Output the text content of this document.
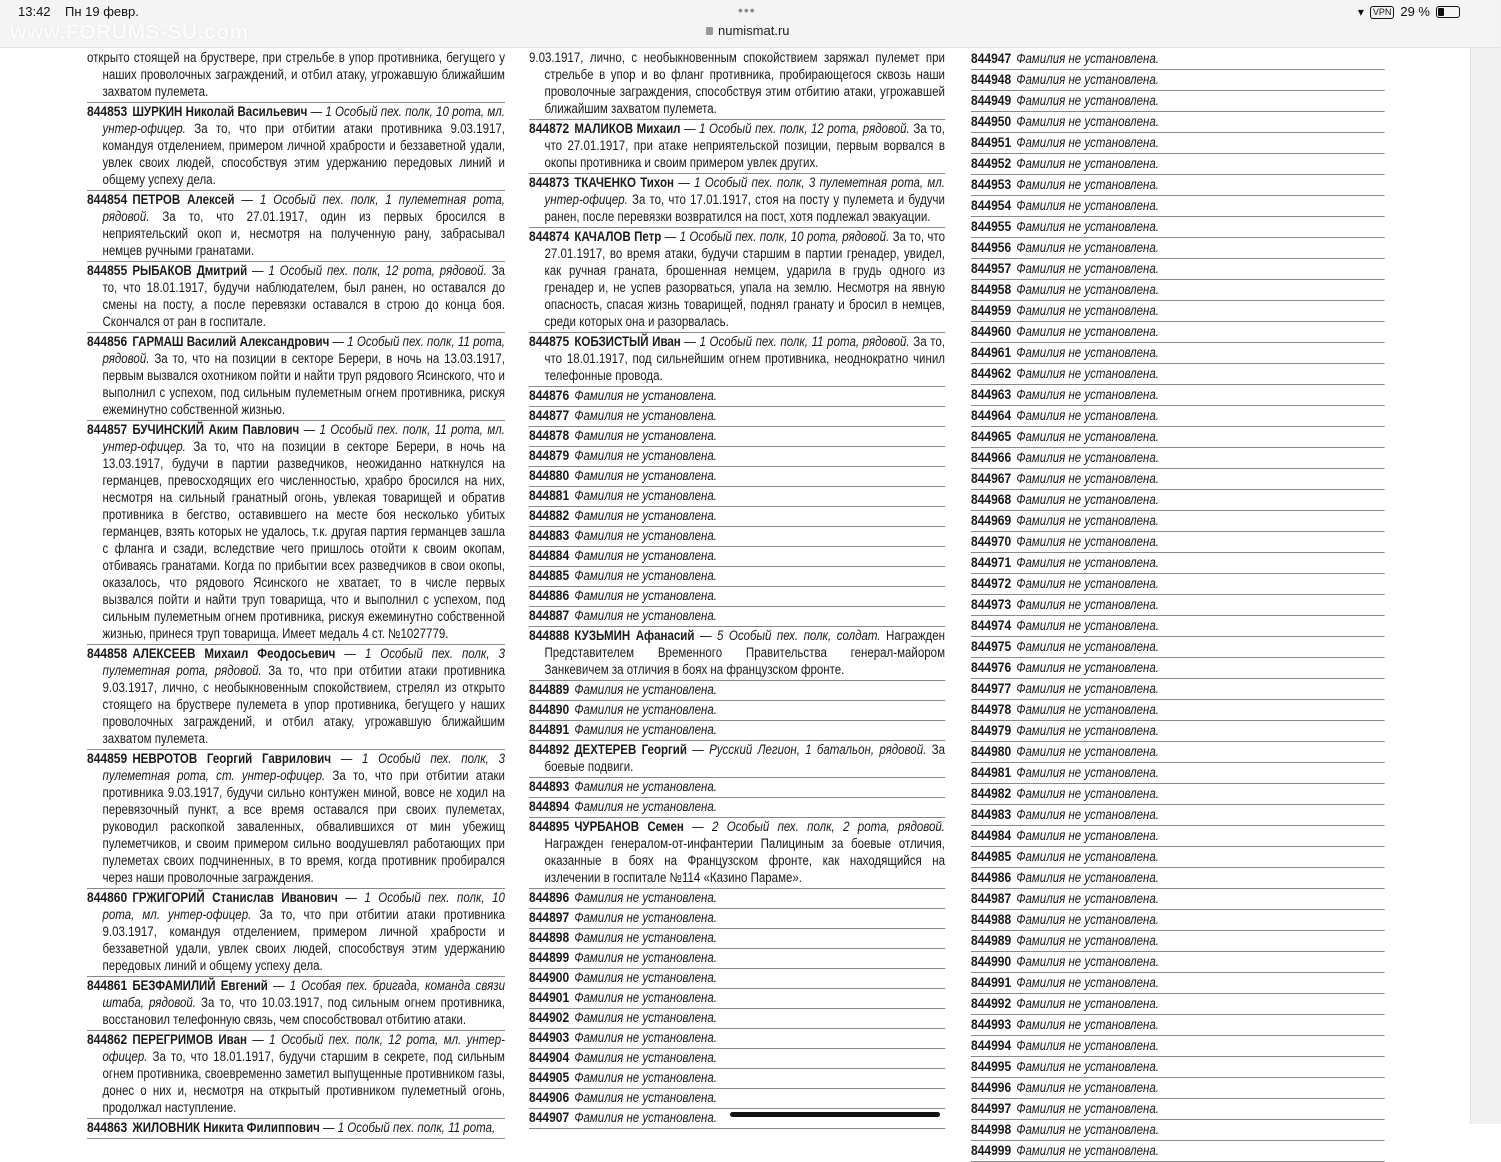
13:42 Пн 19 февр.
www.FORUMS-SU.com
•••
numismat.ru
▾	VPN 29 %
открыто стоящей на бруствере, при стрельбе в упор противника, бегущего у наших проволочных заграждений, и отбил атаку, угрожавшую ближайшим захватом пулемета.
844853 ШУРКИН Николай Васильевич — 1 Особый пех. полк, 10 рота, мл. унтер-офицер. За то, что при отбитии атаки противника 9.03.1917, командуя отделением, примером личной храбрости и беззаветной удали, увлек своих людей, способствуя этим удержанию передовых линий и общему успеху дела.
844854 ПЕТРОВ Алексей — 1 Особый пех. полк, 1 пулеметная рота, рядовой. За то, что 27.01.1917, один из первых бросился в неприятельский окоп и, несмотря на полученную рану, забрасывал немцев ручными гранатами.
844855 РЫБАКОВ Дмитрий — 1 Особый пех. полк, 12 рота, рядовой. За то, что 18.01.1917, будучи наблюдателем, был ранен, но оставался до смены на посту, а после перевязки оставался в строю до конца боя. Скончался от ран в госпитале.
844856 ГАРМАШ Василий Александрович — 1 Особый пех. полк, 11 рота, рядовой. За то, что на позиции в секторе Берери, в ночь на 13.03.1917, первым вызвался охотником пойти и найти труп рядового Ясинского, что и выполнил с успехом, под сильным пулеметным огнем противника, рискуя ежеминутно собственной жизнью.
844857 БУЧИНСКИЙ Аким Павлович — 1 Особый пех. полк, 11 рота, мл. унтер-офицер. За то, что на позиции в секторе Берери, в ночь на 13.03.1917, будучи в партии разведчиков, неожиданно наткнулся на германцев, превосходящих его численностью, храбро бросился на них, несмотря на сильный гранатный огонь, увлекая товарищей и обратив противника в бегство, оставившего на месте боя несколько убитых германцев, взять которых не удалось, т.к. другая партия германцев зашла с фланга и сзади, вследствие чего пришлось отойти к своим окопам, отбиваясь гранатами. Когда по прибытии всех разведчиков в свои окопы, оказалось, что рядового Ясинского не хватает, то в числе первых вызвался пойти и найти труп товарища, что и выполнил с успехом, под сильным пулеметным огнем противника, рискуя ежеминутно собственной жизнью, принеся труп товарища. Имеет медаль 4 ст. №1027779.
844858 АЛЕКСЕЕВ Михаил Феодосьевич — 1 Особый пех. полк, 3 пулеметная рота, рядовой. За то, что при отбитии атаки противника 9.03.1917, лично, с необыкновенным спокойствием, стрелял из открыто стоящего на бруствере пулемета в упор противника, бегущего у наших проволочных заграждений, и отбил атаку, угрожавшую ближайшим захватом пулемета.
844859 НЕВРОТОВ Георгий Гаврилович — 1 Особый пех. полк, 3 пулеметная рота, ст. унтер-офицер. За то, что при отбитии атаки противника 9.03.1917, будучи сильно контужен миной, вовсе не ходил на перевязочный пункт, а все время оставался при своих пулеметах, руководил раскопкой заваленных, обвалившихся от мин убежищ пулеметчиков, и своим примером сильно воодушевлял работающих при пулеметах своих подчиненных, в то время, когда противник пробирался через наши проволочные заграждения.
844860 ГРЖИГОРИЙ Станислав Иванович — 1 Особый пех. полк, 10 рота, мл. унтер-офицер. За то, что при отбитии атаки противника 9.03.1917, командуя отделением, примером личной храбрости и беззаветной удали, увлек своих людей, способствуя этим удержанию передовых линий и общему успеху дела.
844861 БЕЗФАМИЛИЙ Евгений — 1 Особая пех. бригада, команда связи штаба, рядовой. За то, что 10.03.1917, под сильным огнем противника, восстановил телефонную связь, чем способствовал отбитию атаки.
844862 ПЕРЕГРИМОВ Иван — 1 Особый пех. полк, 12 рота, мл. унтер-офицер. За то, что 18.01.1917, будучи старшим в секрете, под сильным огнем противника, своевременно заметил выпущенные противником газы, донес о них и, несмотря на открытый противником пулеметный огонь, продолжал наступление.
844863 ЖИЛОВНИК Никита Филиппович — 1 Особый пех. полк, 11 рота,
9.03.1917, лично, с необыкновенным спокойствием заряжал пулемет при стрельбе в упор и во фланг противника, пробирающегося сквозь наши проволочные заграждения, способствуя этим отбитию атаки, угрожавшей ближайшим захватом пулемета.
844872 МАЛИКОВ Михаил — 1 Особый пех. полк, 12 рота, рядовой. За то, что 27.01.1917, при атаке неприятельской позиции, первым ворвался в окопы противника и своим примером увлек других.
844873 ТКАЧЕНКО Тихон — 1 Особый пех. полк, 3 пулеметная рота, мл. унтер-офицер. За то, что 17.01.1917, стоя на посту у пулемета и будучи ранен, после перевязки возвратился на пост, хотя подлежал эвакуации.
844874 КАЧАЛОВ Петр — 1 Особый пех. полк, 10 рота, рядовой. За то, что 27.01.1917, во время атаки, будучи старшим в партии гренадер, увидел, как ручная граната, брошенная немцем, ударила в грудь одного из гренадер и, не успев разорваться, упала на землю. Несмотря на явную опасность, спасая жизнь товарищей, поднял гранату и бросил в немцев, среди которых она и разорвалась.
844875 КОБЗИСТЫЙ Иван — 1 Особый пех. полк, 11 рота, рядовой. За то, что 18.01.1917, под сильнейшим огнем противника, неоднократно чинил телефонные провода.
844876 Фамилия не установлена.
844877 Фамилия не установлена.
844878 Фамилия не установлена.
844879 Фамилия не установлена.
844880 Фамилия не установлена.
844881 Фамилия не установлена.
844882 Фамилия не установлена.
844883 Фамилия не установлена.
844884 Фамилия не установлена.
844885 Фамилия не установлена.
844886 Фамилия не установлена.
844887 Фамилия не установлена.
844888 КУЗЬМИН Афанасий — 5 Особый пех. полк, солдат. Награжден Представителем Временного Правительства генерал-майором Занкевичем за отличия в боях на французском фронте.
844889 Фамилия не установлена.
844890 Фамилия не установлена.
844891 Фамилия не установлена.
844892 ДЕХТЕРЕВ Георгий — Русский Легион, 1 батальон, рядовой. За боевые подвиги.
844893 Фамилия не установлена.
844894 Фамилия не установлена.
844895 ЧУРБАНОВ Семен — 2 Особый пех. полк, 2 рота, рядовой. Награжден генералом-от-инфантерии Палициным за боевые отличия, оказанные в боях на Французском фронте, как находящийся на излечении в госпитале №114 «Казино Параме».
844896 Фамилия не установлена.
844897 Фамилия не установлена.
844898 Фамилия не установлена.
844899 Фамилия не установлена.
844900 Фамилия не установлена.
844901 Фамилия не установлена.
844902 Фамилия не установлена.
844903 Фамилия не установлена.
844904 Фамилия не установлена.
844905 Фамилия не установлена.
844906 Фамилия не установлена.
844907 Фамилия не установлена.
844947 Фамилия не установлена.
844948 Фамилия не установлена.
844949 Фамилия не установлена.
844950 Фамилия не установлена.
844951 Фамилия не установлена.
844952 Фамилия не установлена.
844953 Фамилия не установлена.
844954 Фамилия не установлена.
844955 Фамилия не установлена.
844956 Фамилия не установлена.
844957 Фамилия не установлена.
844958 Фамилия не установлена.
844959 Фамилия не установлена.
844960 Фамилия не установлена.
844961 Фамилия не установлена.
844962 Фамилия не установлена.
844963 Фамилия не установлена.
844964 Фамилия не установлена.
844965 Фамилия не установлена.
844966 Фамилия не установлена.
844967 Фамилия не установлена.
844968 Фамилия не установлена.
844969 Фамилия не установлена.
844970 Фамилия не установлена.
844971 Фамилия не установлена.
844972 Фамилия не установлена.
844973 Фамилия не установлена.
844974 Фамилия не установлена.
844975 Фамилия не установлена.
844976 Фамилия не установлена.
844977 Фамилия не установлена.
844978 Фамилия не установлена.
844979 Фамилия не установлена.
844980 Фамилия не установлена.
844981 Фамилия не установлена.
844982 Фамилия не установлена.
844983 Фамилия не установлена.
844984 Фамилия не установлена.
844985 Фамилия не установлена.
844986 Фамилия не установлена.
844987 Фамилия не установлена.
844988 Фамилия не установлена.
844989 Фамилия не установлена.
844990 Фамилия не установлена.
844991 Фамилия не установлена.
844992 Фамилия не установлена.
844993 Фамилия не установлена.
844994 Фамилия не установлена.
844995 Фамилия не установлена.
844996 Фамилия не установлена.
844997 Фамилия не установлена.
844998 Фамилия не установлена.
844999 Фамилия не установлена.
